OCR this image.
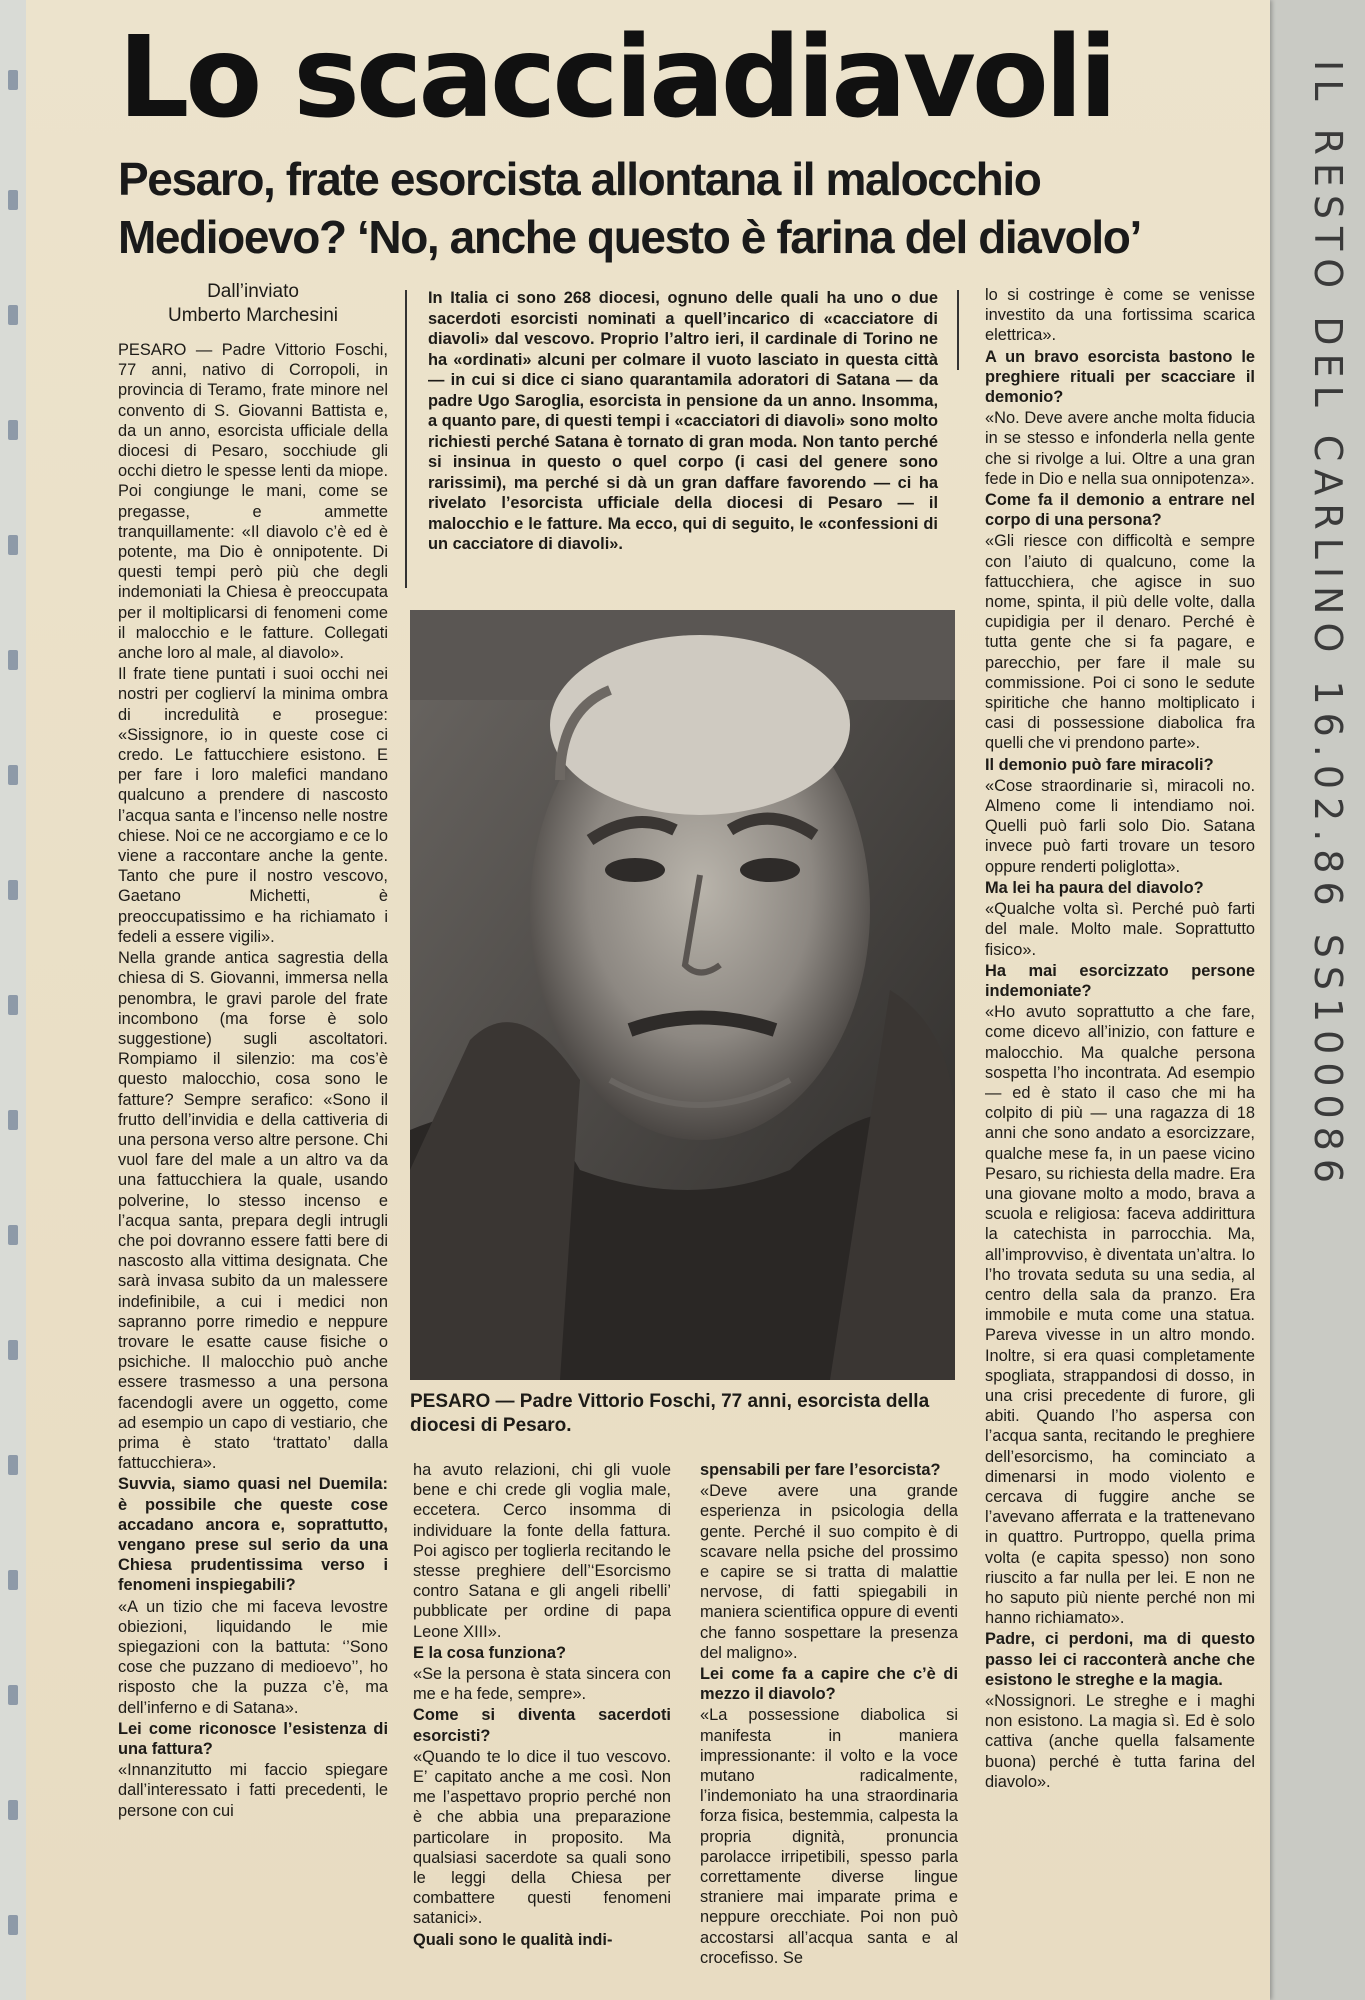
Lo scacciadiavoli
Pesaro, frate esorcista allontana il malocchio
Medioevo? ‘No, anche questo è farina del diavolo’
Dall’inviato
Umberto Marchesini

PESARO — Padre Vittorio Foschi, 77 anni, nativo di Corropoli, in provincia di Teramo, frate minore nel convento di S. Giovanni Battista e, da un anno, esorcista ufficiale della diocesi di Pesaro, socchiude gli occhi dietro le spesse lenti da miope. Poi congiunge le mani, come se pregasse, e ammette tranquillamente: «Il diavolo c’è ed è potente, ma Dio è onnipotente. Di questi tempi però più che degli indemoniati la Chiesa è preoccupata per il moltiplicarsi di fenomeni come il malocchio e le fatture. Collegati anche loro al male, al diavolo».

Il frate tiene puntati i suoi occhi nei nostri per coglierví la minima ombra di incredulità e prosegue: «Sissignore, io in queste cose ci credo. Le fattucchiere esistono. E per fare i loro malefici mandano qualcuno a prendere di nascosto l’acqua santa e l’incenso nelle nostre chiese. Noi ce ne accorgiamo e ce lo viene a raccontare anche la gente. Tanto che pure il nostro vescovo, Gaetano Michetti, è preoccupatissimo e ha richiamato i fedeli a essere vigili».

Nella grande antica sagrestia della chiesa di S. Giovanni, immersa nella penombra, le gravi parole del frate incombono (ma forse è solo suggestione) sugli ascoltatori. Rompiamo il silenzio: ma cos’è questo malocchio, cosa sono le fatture? Sempre serafico: «Sono il frutto dell’invidia e della cattiveria di una persona verso altre persone. Chi vuol fare del male a un altro va da una fattucchiera la quale, usando polverine, lo stesso incenso e l’acqua santa, prepara degli intrugli che poi dovranno essere fatti bere di nascosto alla vittima designata. Che sarà invasa subito da un malessere indefinibile, a cui i medici non sapranno porre rimedio e neppure trovare le esatte cause fisiche o psichiche. Il malocchio può anche essere trasmesso a una persona facendogli avere un oggetto, come ad esempio un capo di vestiario, che prima è stato ‘trattato’ dalla fattucchiera».

Suvvia, siamo quasi nel Duemila: è possibile che queste cose accadano ancora e, soprattutto, vengano prese sul serio da una Chiesa prudentissima verso i fenomeni inspiegabili?

«A un tizio che mi faceva levostre obiezioni, liquidando le mie spiegazioni con la battuta: ‘’Sono cose che puzzano di medioevo’’, ho risposto che la puzza c’è, ma dell’inferno e di Satana».

Lei come riconosce l’esistenza di una fattura?

«Innanzitutto mi faccio spiegare dall’interessato i fatti precedenti, le persone con cui

In Italia ci sono 268 diocesi, ognuno delle quali ha uno o due sacerdoti esorcisti nominati a quell’incarico di «cacciatore di diavoli» dal vescovo. Proprio l’altro ieri, il cardinale di Torino ne ha «ordinati» alcuni per colmare il vuoto lasciato in questa città — in cui si dice ci siano quarantamila adoratori di Satana — da padre Ugo Saroglia, esorcista in pensione da un anno. Insomma, a quanto pare, di questi tempi i «cacciatori di diavoli» sono molto richiesti perché Satana è tornato di gran moda. Non tanto perché si insinua in questo o quel corpo (i casi del genere sono rarissimi), ma perché si dà un gran daffare favorendo — ci ha rivelato l’esorcista ufficiale della diocesi di Pesaro — il malocchio e le fatture. Ma ecco, qui di seguito, le «confessioni di un cacciatore di diavoli».
PESARO — Padre Vittorio Foschi, 77 anni, esorcista della diocesi di Pesaro.

ha avuto relazioni, chi gli vuole bene e chi crede gli voglia male, eccetera. Cerco insomma di individuare la fonte della fattura. Poi agisco per toglierla recitando le stesse preghiere dell’‘Esorcismo contro Satana e gli angeli ribelli’ pubblicate per ordine di papa Leone XIII».

E la cosa funziona?

«Se la persona è stata sincera con me e ha fede, sempre».

Come si diventa sacerdoti esorcisti?

«Quando te lo dice il tuo vescovo. E’ capitato anche a me così. Non me l’aspettavo proprio perché non è che abbia una preparazione particolare in proposito. Ma qualsiasi sacerdote sa quali sono le leggi della Chiesa per combattere questi fenomeni satanici».

Quali sono le qualità indi-

spensabili per fare l’esorcista?

«Deve avere una grande esperienza in psicologia della gente. Perché il suo compito è di scavare nella psiche del prossimo e capire se si tratta di malattie nervose, di fatti spiegabili in maniera scientifica oppure di eventi che fanno sospettare la presenza del maligno».

Lei come fa a capire che c’è di mezzo il diavolo?

«La possessione diabolica si manifesta in maniera impressionante: il volto e la voce mutano radicalmente, l’indemoniato ha una straordinaria forza fisica, bestemmia, calpesta la propria dignità, pronuncia parolacce irripetibili, spesso parla correttamente diverse lingue straniere mai imparate prima e neppure orecchiate. Poi non può accostarsi all’acqua santa e al crocefisso. Se

lo si costringe è come se venisse investito da una fortissima scarica elettrica».

A un bravo esorcista bastono le preghiere rituali per scacciare il demonio?

«No. Deve avere anche molta fiducia in se stesso e infonderla nella gente che si rivolge a lui. Oltre a una gran fede in Dio e nella sua onnipotenza».

Come fa il demonio a entrare nel corpo di una persona?

«Gli riesce con difficoltà e sempre con l’aiuto di qualcuno, come la fattucchiera, che agisce in suo nome, spinta, il più delle volte, dalla cupidigia per il denaro. Perché è tutta gente che si fa pagare, e parecchio, per fare il male su commissione. Poi ci sono le sedute spiritiche che hanno moltiplicato i casi di possessione diabolica fra quelli che vi prendono parte».

Il demonio può fare miracoli?

«Cose straordinarie sì, miracoli no. Almeno come li intendiamo noi. Quelli può farli solo Dio. Satana invece può farti trovare un tesoro oppure renderti poliglotta».

Ma lei ha paura del diavolo?

«Qualche volta sì. Perché può farti del male. Molto male. Soprattutto fisico».

Ha mai esorcizzato persone indemoniate?

«Ho avuto soprattutto a che fare, come dicevo all’inizio, con fatture e malocchio. Ma qualche persona sospetta l’ho incontrata. Ad esempio — ed è stato il caso che mi ha colpito di più — una ragazza di 18 anni che sono andato a esorcizzare, qualche mese fa, in un paese vicino Pesaro, su richiesta della madre. Era una giovane molto a modo, brava a scuola e religiosa: faceva addirittura la catechista in parrocchia. Ma, all’improvviso, è diventata un’altra. Io l’ho trovata seduta su una sedia, al centro della sala da pranzo. Era immobile e muta come una statua. Pareva vivesse in un altro mondo. Inoltre, si era quasi completamente spogliata, strappandosi di dosso, in una crisi precedente di furore, gli abiti. Quando l’ho aspersa con l’acqua santa, recitando le preghiere dell’esorcismo, ha cominciato a dimenarsi in modo violento e cercava di fuggire anche se l’avevano afferrata e la trattenevano in quattro. Purtroppo, quella prima volta (e capita spesso) non sono riuscito a far nulla per lei. E non ne ho saputo più niente perché non mi hanno richiamato».

Padre, ci perdoni, ma di questo passo lei ci racconterà anche che esistono le streghe e la magia.

«Nossignori. Le streghe e i maghi non esistono. La magia sì. Ed è solo cattiva (anche quella falsamente buona) perché è tutta farina del diavolo».

IL RESTO DEL CARLINO 16.02.86 SS100086
